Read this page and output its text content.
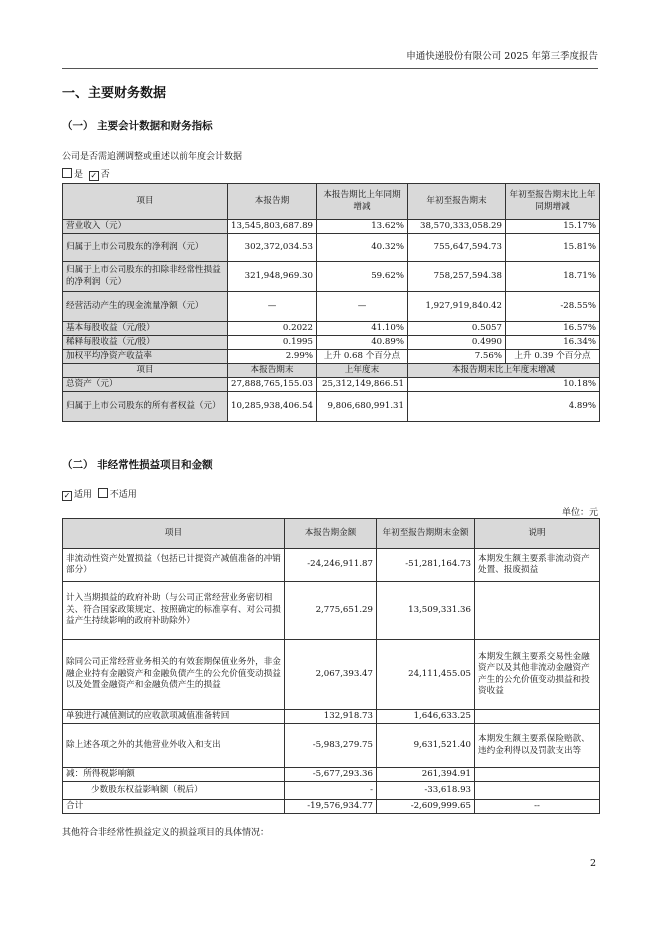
申通快递股份有限公司 2025 年第三季度报告
一、主要财务数据
（一） 主要会计数据和财务指标
公司是否需追溯调整或重述以前年度会计数据
是 ✓ 否
项目	本报告期	本报告期比上年同期增减	年初至报告期末	年初至报告期末比上年同期增减
营业收入（元）	13,545,803,687.89	13.62%	38,570,333,058.29	15.17%
归属于上市公司股东的净利润（元）	302,372,034.53	40.32%	755,647,594.73	15.81%
归属于上市公司股东的扣除非经常性损益的净利润（元）	321,948,969.30	59.62%	758,257,594.38	18.71%
经营活动产生的现金流量净额（元）	—	—	1,927,919,840.42	-28.55%
基本每股收益（元/股）	0.2022	41.10%	0.5057	16.57%
稀释每股收益（元/股）	0.1995	40.89%	0.4990	16.34%
加权平均净资产收益率	2.99%	上升 0.68 个百分点	7.56%	上升 0.39 个百分点
项目	本报告期末	上年度末	本报告期末比上年度末增减	
总资产（元）	27,888,765,155.03	25,312,149,866.51	10.18%	
归属于上市公司股东的所有者权益（元）	10,285,938,406.54	9,806,680,991.31	4.89%	
（二） 非经常性损益项目和金额
✓ 适用 不适用
单位：元
项目	本报告期金额	年初至报告期期末金额	说明
非流动性资产处置损益（包括已计提资产减值准备的冲销部分）	-24,246,911.87	-51,281,164.73	本期发生额主要系非流动资产处置、报废损益
计入当期损益的政府补助（与公司正常经营业务密切相关、符合国家政策规定、按照确定的标准享有、对公司损益产生持续影响的政府补助除外）	2,775,651.29	13,509,331.36	
除同公司正常经营业务相关的有效套期保值业务外，非金融企业持有金融资产和金融负债产生的公允价值变动损益以及处置金融资产和金融负债产生的损益	2,067,393.47	24,111,455.05	本期发生额主要系交易性金融资产以及其他非流动金融资产产生的公允价值变动损益和投资收益
单独进行减值测试的应收款项减值准备转回	132,918.73	1,646,633.25	
除上述各项之外的其他营业外收入和支出	-5,983,279.75	9,631,521.40	本期发生额主要系保险赔款、违约金利得以及罚款支出等
减：所得税影响额	-5,677,293.36	261,394.91	
少数股东权益影响额（税后）	-	-33,618.93	
合计	-19,576,934.77	-2,609,999.65	--
其他符合非经常性损益定义的损益项目的具体情况：
2
